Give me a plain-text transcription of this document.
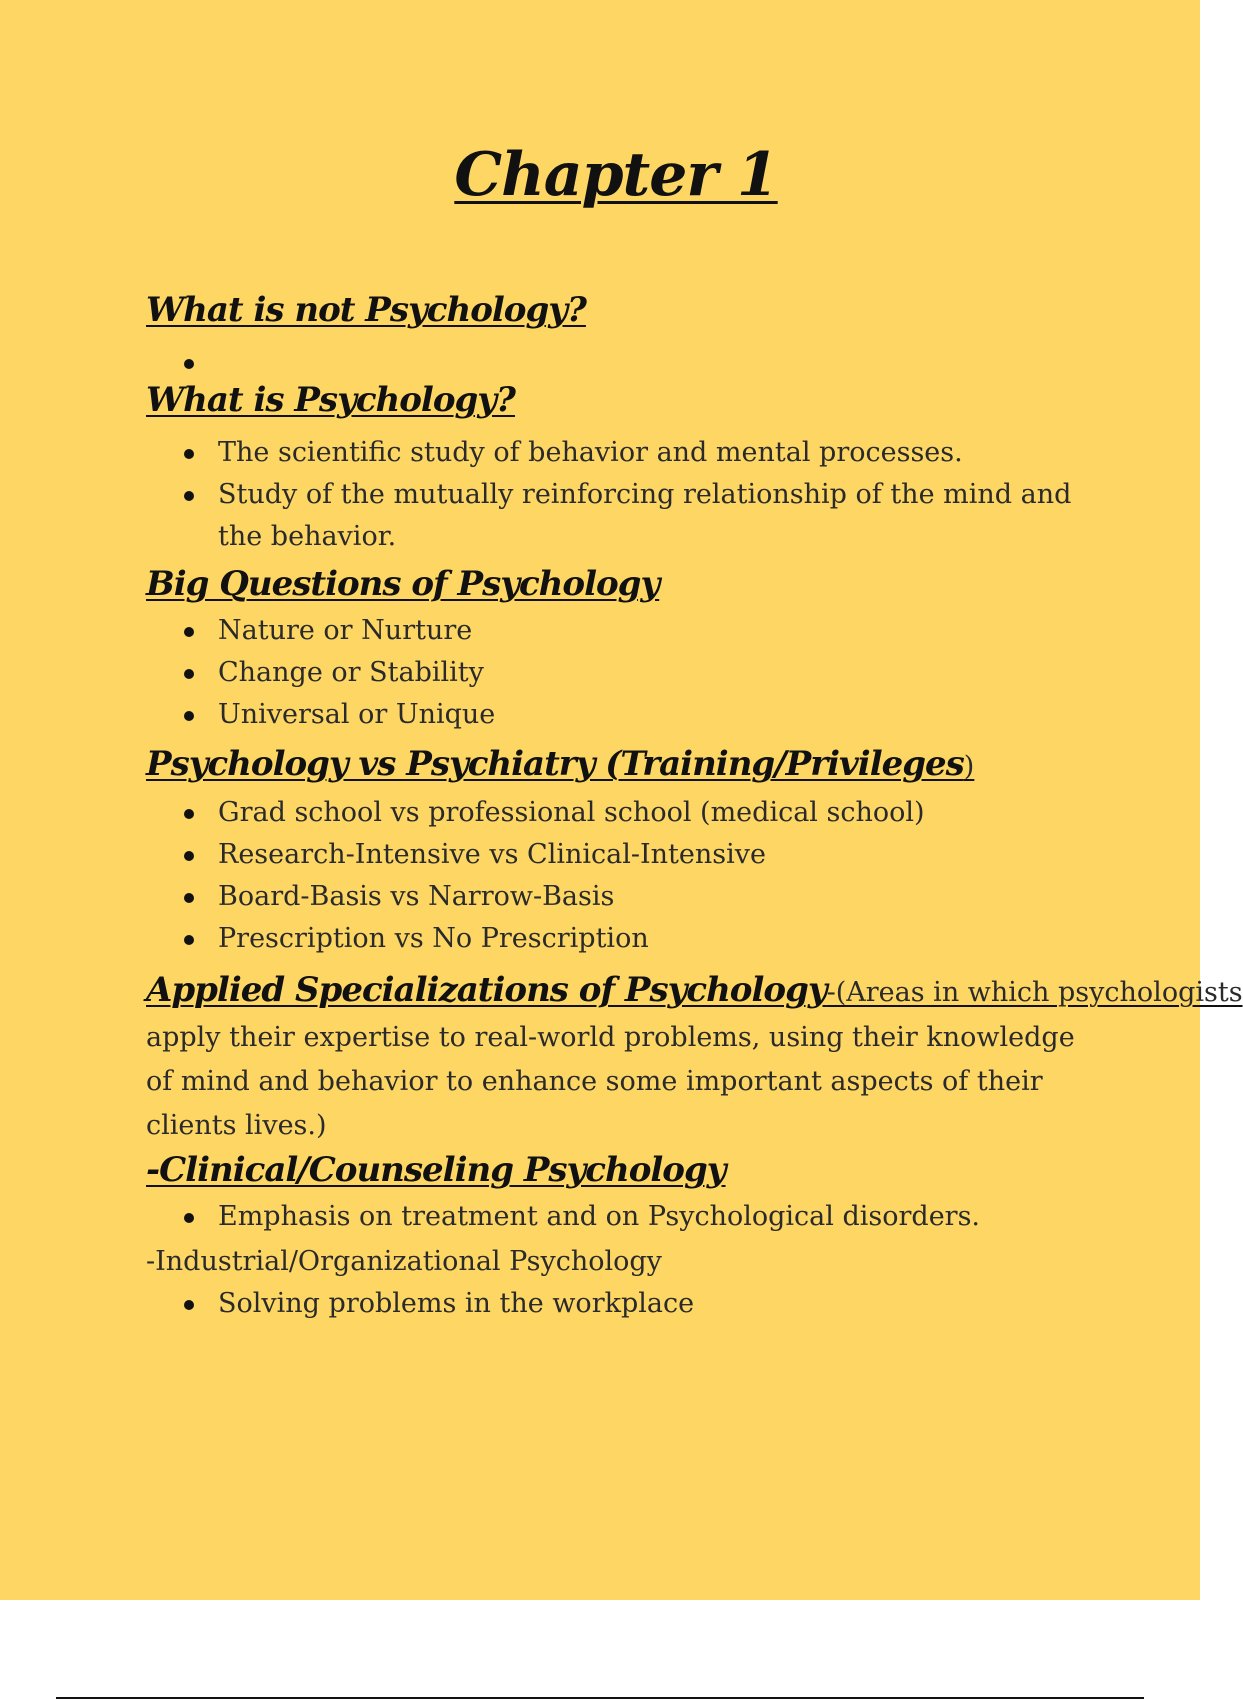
Chapter 1
What is not Psychology?
What is Psychology?
The scientific study of behavior and mental processes.
Study of the mutually reinforcing relationship of the mind and the behavior.
Big Questions of Psychology
Nature or Nurture
Change or Stability
Universal or Unique
Psychology vs Psychiatry (Training/Privileges)
Grad school vs professional school (medical school)
Research-Intensive vs Clinical-Intensive
Board-Basis vs Narrow-Basis
Prescription vs No Prescription
Applied Specializations of Psychology-(Areas in which psychologists

apply their expertise to real-world problems, using their knowledge of mind and behavior to enhance some important aspects of their clients lives.)

-Clinical/Counseling Psychology
Emphasis on treatment and on Psychological disorders.

-Industrial/Organizational Psychology

Solving problems in the workplace
